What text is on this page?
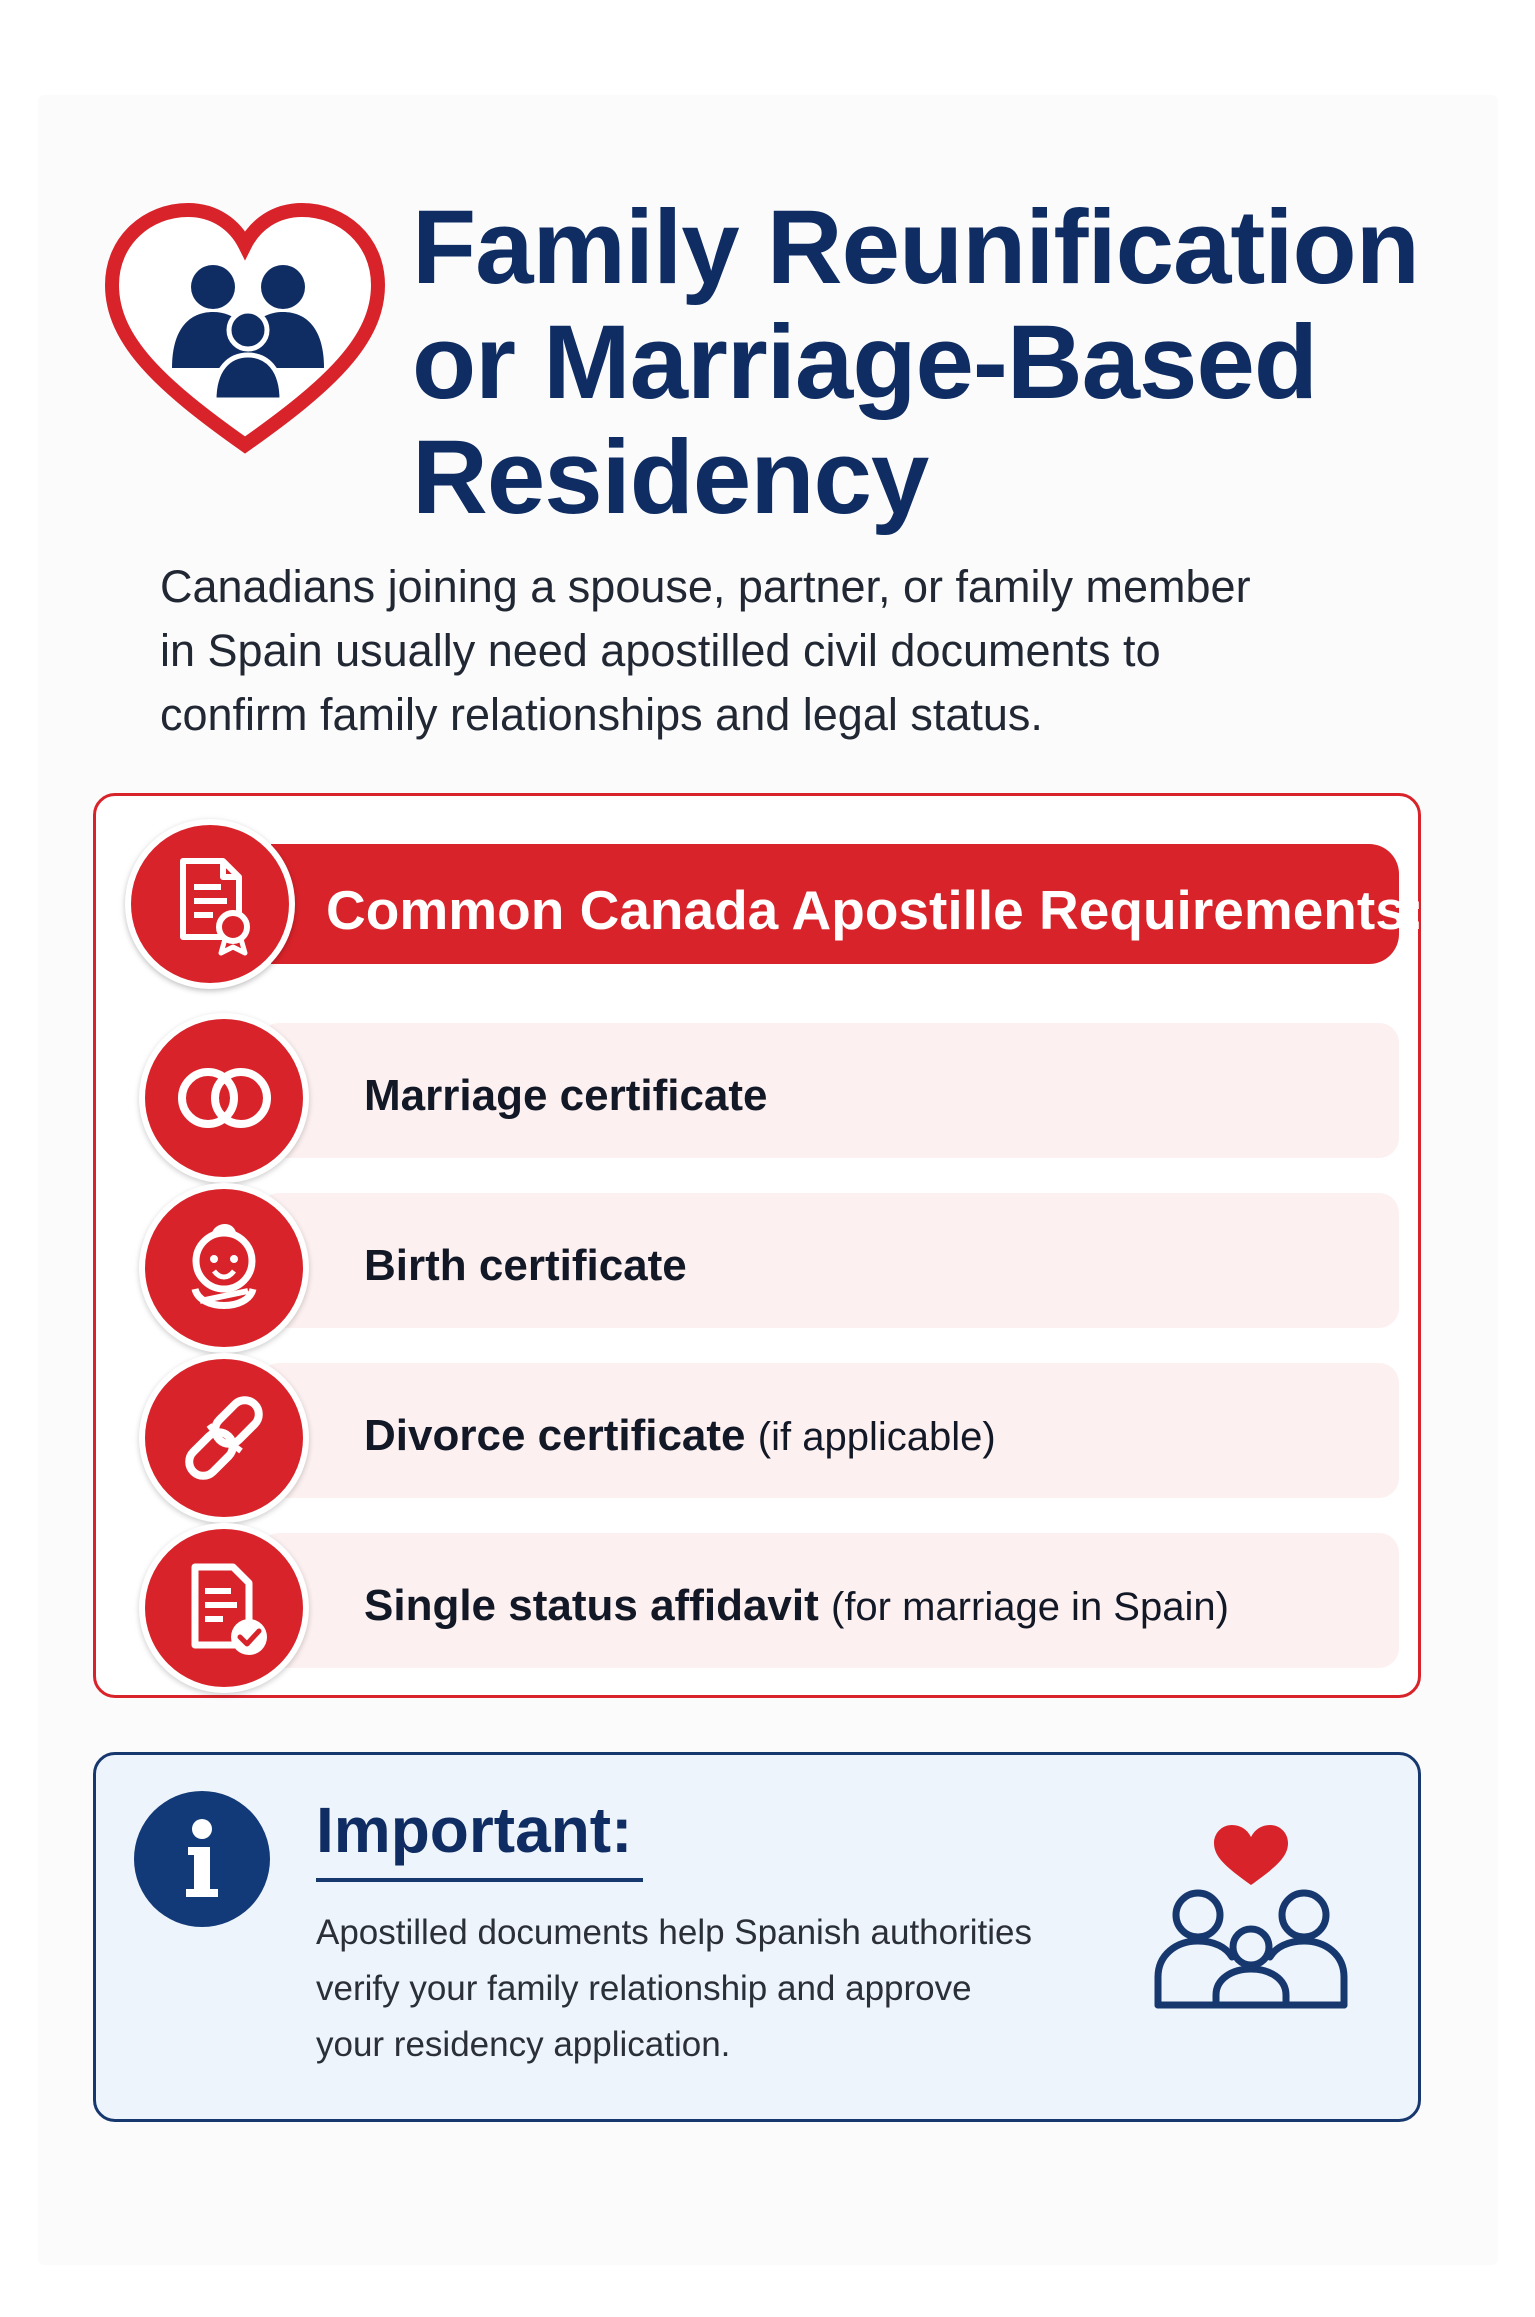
Family Reunification
or Marriage-Based
Residency

Canadians joining a spouse, partner, or family member
in Spain usually need apostilled civil documents to
confirm family relationships and legal status.

Common Canada Apostille Requirements:
Marriage certificate
Birth certificate
Divorce certificate (if applicable)
Single status affidavit (for marriage in Spain)
Important:

Apostilled documents help Spanish authorities
verify your family relationship and approve
your residency application.
